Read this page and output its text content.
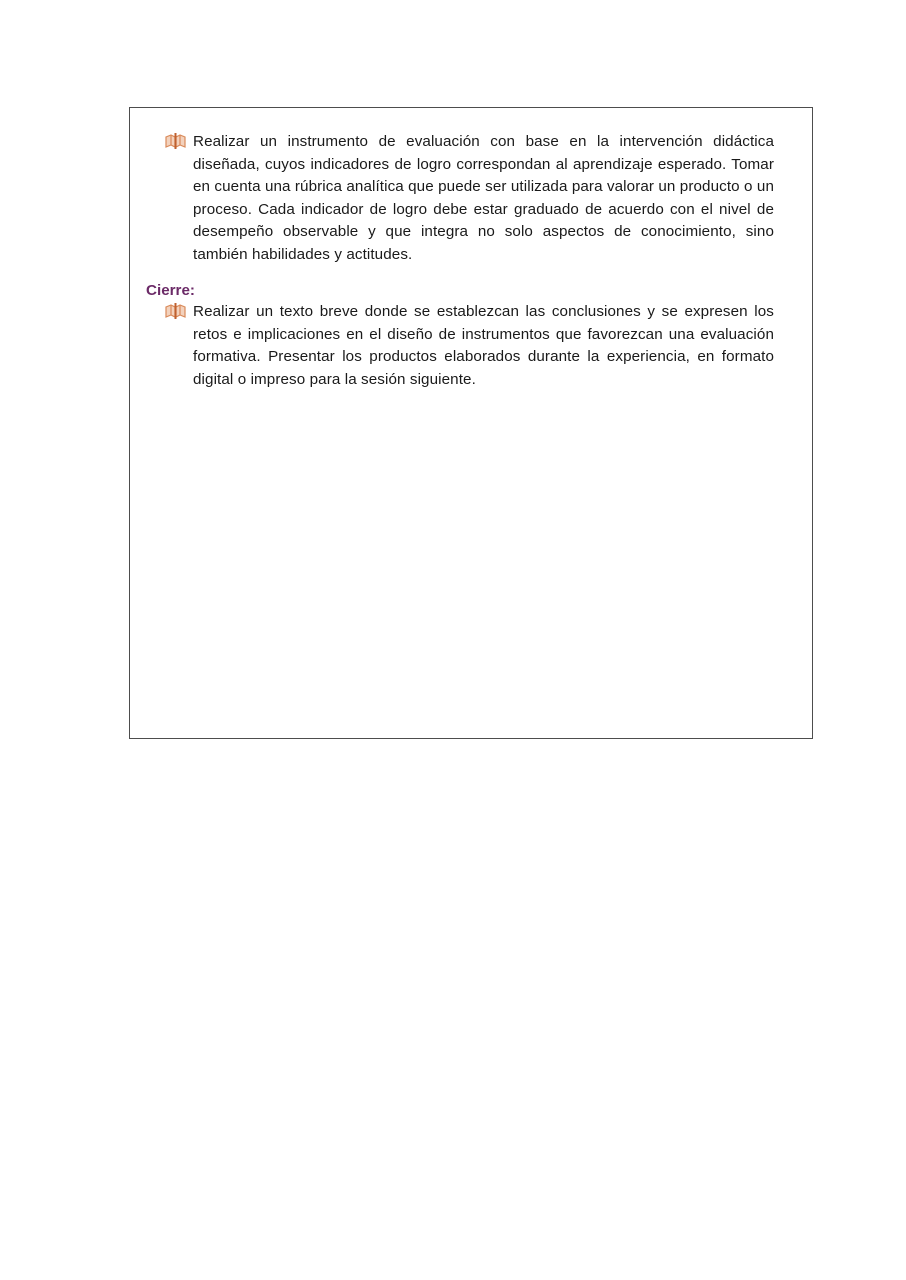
Realizar un instrumento de evaluación con base en la intervención didáctica diseñada, cuyos indicadores de logro correspondan al aprendizaje esperado. Tomar en cuenta una rúbrica analítica que puede ser utilizada para valorar un producto o un proceso. Cada indicador de logro debe estar graduado de acuerdo con el nivel de desempeño observable y que integra no solo aspectos de conocimiento, sino también habilidades y actitudes.

Cierre:

Realizar un texto breve donde se establezcan las conclusiones y se expresen los retos e implicaciones en el diseño de instrumentos que favorezcan una evaluación formativa. Presentar los productos elaborados durante la experiencia, en formato digital o impreso para la sesión siguiente.
